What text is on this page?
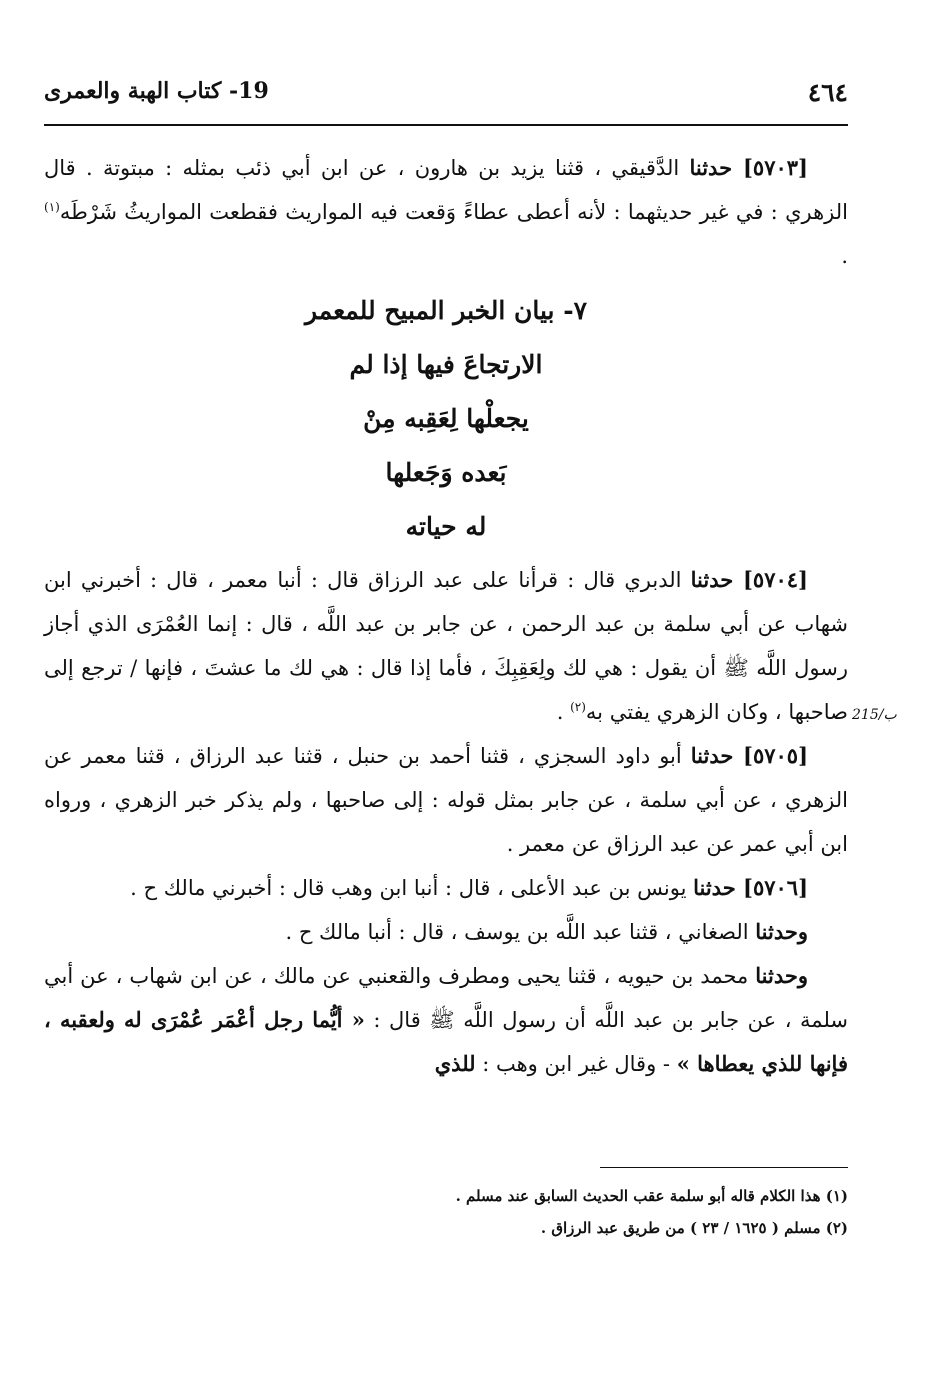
٤٦٤
19- كتاب الهبة والعمرى
215/ب

[٥٧٠٣] حدثنا الدَّقيقي ، قثنا يزيد بن هارون ، عن ابن أبي ذئب بمثله : مبتوتة . قال الزهري : في غير حديثهما : لأنه أعطى عطاءً وَقعت فيه المواريث فقطعت المواريثُ شَرْطَه$^{(١)}$ .

٧- بيان الخبر المبيح للمعمر
الارتجاعَ فيها إذا لم
يجعلْها لِعَقِبه مِنْ
بَعده وَجَعلها
له حياته

[٥٧٠٤] حدثنا الدبري قال : قرأنا على عبد الرزاق قال : أنبا معمر ، قال : أخبرني ابن شهاب عن أبي سلمة بن عبد الرحمن ، عن جابر بن عبد اللَّه ، قال : إنما العُمْرَى الذي أجاز رسول اللَّه ﷺ أن يقول : هي لك ولِعَقِبِكَ ، فأما إذا قال : هي لك ما عشتَ ، فإنها / ترجع إلى صاحبها ، وكان الزهري يفتي به$^{(٢)}$ .

[٥٧٠٥] حدثنا أبو داود السجزي ، قثنا أحمد بن حنبل ، قثنا عبد الرزاق ، قثنا معمر عن الزهري ، عن أبي سلمة ، عن جابر بمثل قوله : إلى صاحبها ، ولم يذكر خبر الزهري ، ورواه ابن أبي عمر عن عبد الرزاق عن معمر .

[٥٧٠٦] حدثنا يونس بن عبد الأعلى ، قال : أنبا ابن وهب قال : أخبرني مالك ح .

وحدثنا الصغاني ، قثنا عبد اللَّه بن يوسف ، قال : أنبا مالك ح .

وحدثنا محمد بن حيويه ، قثنا يحيى ومطرف والقعنبي عن مالك ، عن ابن شهاب ، عن أبي سلمة ، عن جابر بن عبد اللَّه أن رسول اللَّه ﷺ قال : « أيُّما رجل أعْمَر عُمْرَى له ولعقبه ، فإنها للذي يعطاها » - وقال غير ابن وهب : للذي

(١) هذا الكلام قاله أبو سلمة عقب الحديث السابق عند مسلم .

(٢) مسلم ( ١٦٢٥ / ٢٣ ) من طريق عبد الرزاق .
